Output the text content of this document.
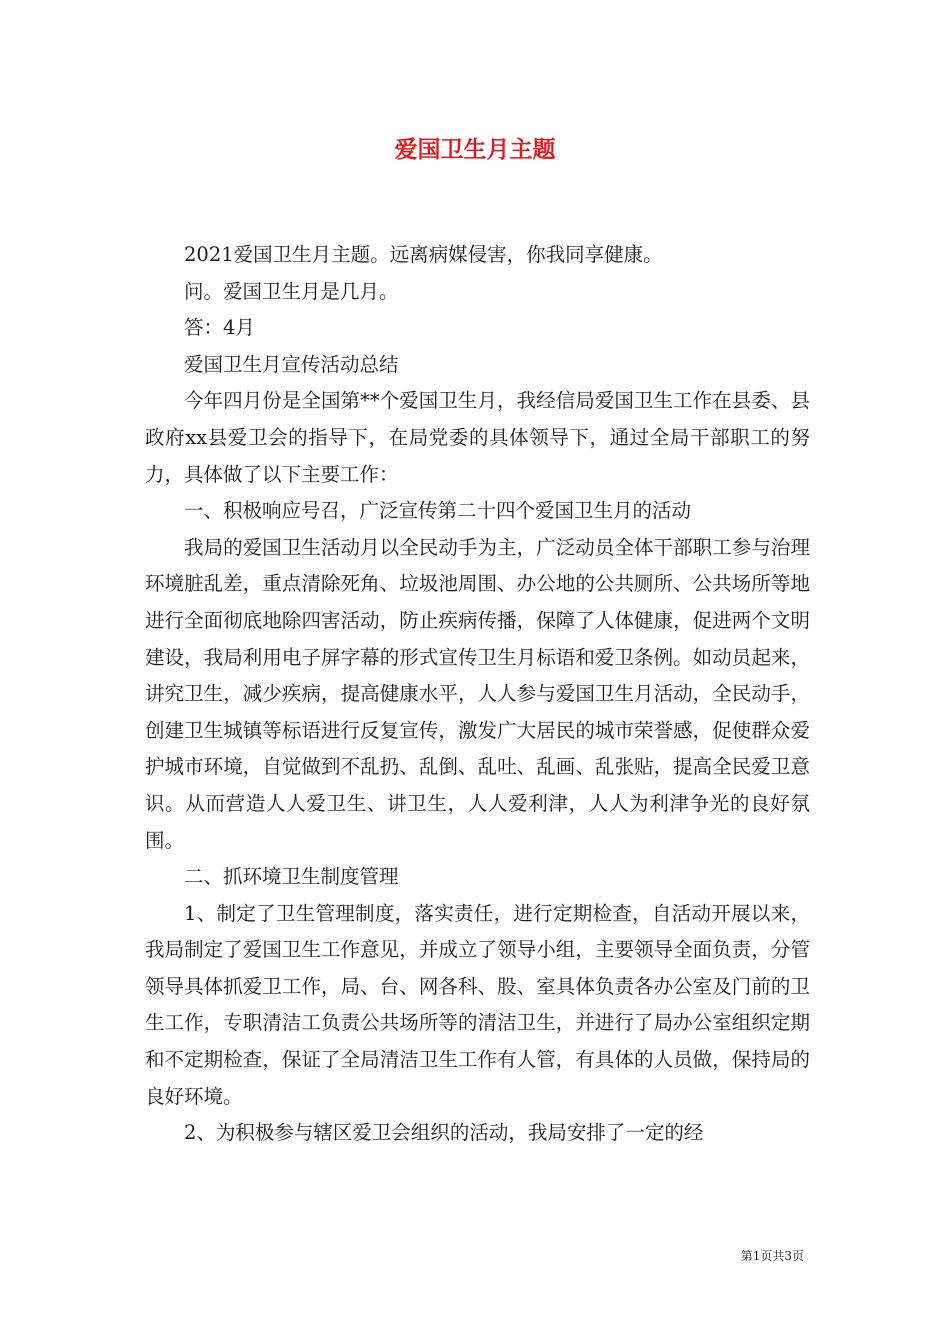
爱国卫生月主题

2021爱国卫生月主题。远离病媒侵害，你我同享健康。

问。爱国卫生月是几月。

答：4月

爱国卫生月宣传活动总结

今年四月份是全国第**个爱国卫生月，我经信局爱国卫生工作在县委、县政府xx县爱卫会的指导下，在局党委的具体领导下，通过全局干部职工的努力，具体做了以下主要工作：

一、积极响应号召，广泛宣传第二十四个爱国卫生月的活动

我局的爱国卫生活动月以全民动手为主，广泛动员全体干部职工参与治理环境脏乱差，重点清除死角、垃圾池周围、办公地的公共厕所、公共场所等地进行全面彻底地除四害活动，防止疾病传播，保障了人体健康，促进两个文明建设，我局利用电子屏字幕的形式宣传卫生月标语和爱卫条例。如动员起来，讲究卫生，减少疾病，提高健康水平，人人参与爱国卫生月活动，全民动手，创建卫生城镇等标语进行反复宣传，激发广大居民的城市荣誉感，促使群众爱护城市环境，自觉做到不乱扔、乱倒、乱吐、乱画、乱张贴，提高全民爱卫意识。从而营造人人爱卫生、讲卫生，人人爱利津，人人为利津争光的良好氛围。

二、抓环境卫生制度管理

1、制定了卫生管理制度，落实责任，进行定期检查，自活动开展以来，我局制定了爱国卫生工作意见，并成立了领导小组，主要领导全面负责，分管领导具体抓爱卫工作，局、台、网各科、股、室具体负责各办公室及门前的卫生工作，专职清洁工负责公共场所等的清洁卫生，并进行了局办公室组织定期和不定期检查，保证了全局清洁卫生工作有人管，有具体的人员做，保持局的良好环境。

2、为积极参与辖区爱卫会组织的活动，我局安排了一定的经

第1页共3页
